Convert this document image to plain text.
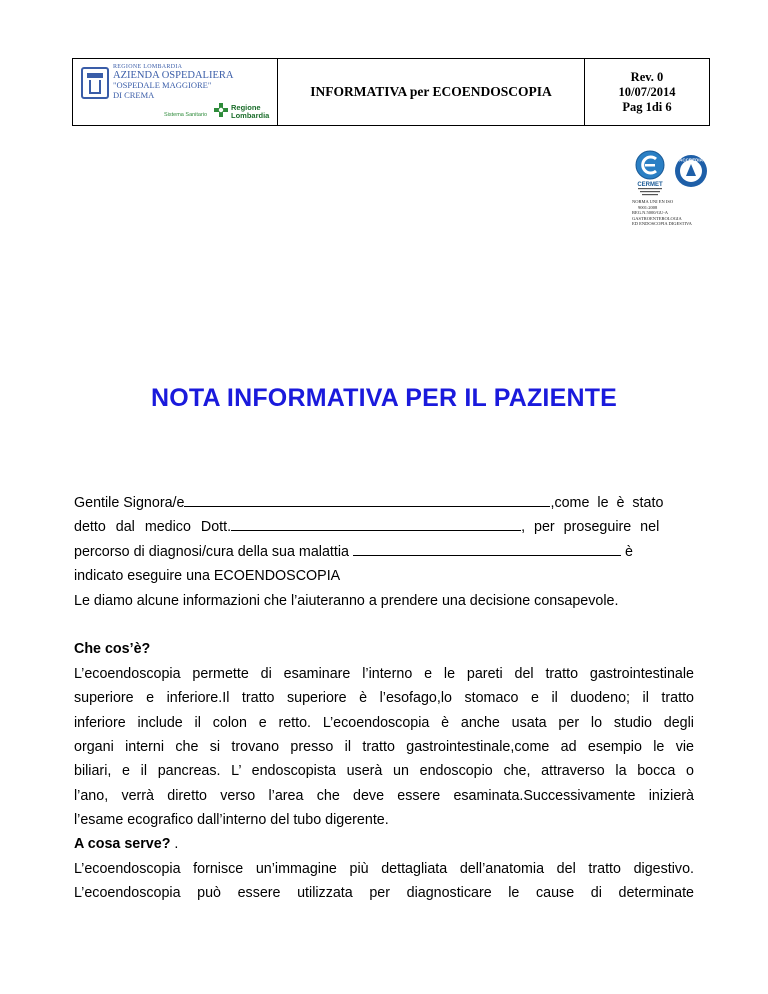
REGIONE LOMBARDIA
AZIENDA OSPEDALIERA
"OSPEDALE MAGGIORE"
DI CREMA
Sistema Sanitario
Regione
Lombardia
INFORMATIVA per ECOENDOSCOPIA
Rev. 0
10/07/2014
Pag 1di 6
CERMET
ACCREDIA
NORMA UNI EN ISO
9001:2008
REG.N.5000/GU-A
GASTROENTEROLOGIA
ED ENDOSCOPIA DIGESTIVA
NOTA INFORMATIVA PER IL PAZIENTE
Gentile Signora/e	,come le è stato
detto dal medico Dott.	, per proseguire nel
percorso di diagnosi/cura della sua malattia	è
indicato eseguire una ECOENDOSCOPIA
Le diamo alcune informazioni che l’aiuteranno a prendere una decisione consapevole.
Che cos’è?
L’ecoendoscopia permette di esaminare l’interno e le pareti del tratto gastrointestinale
superiore e inferiore.Il tratto superiore è l’esofago,lo stomaco e il duodeno; il tratto
inferiore include il colon e retto. L’ecoendoscopia è anche usata per lo studio degli
organi interni che si trovano presso il tratto gastrointestinale,come ad esempio le vie
biliari, e il pancreas. L’ endoscopista userà un endoscopio che, attraverso la bocca o
l’ano, verrà diretto verso l’area che deve essere esaminata.Successivamente inizierà
l’esame ecografico dall’interno del tubo digerente.
A cosa serve? .
L’ecoendoscopia fornisce un’immagine più dettagliata dell’anatomia del tratto digestivo.
L’ecoendoscopia può essere utilizzata per diagnosticare le cause di determinate
